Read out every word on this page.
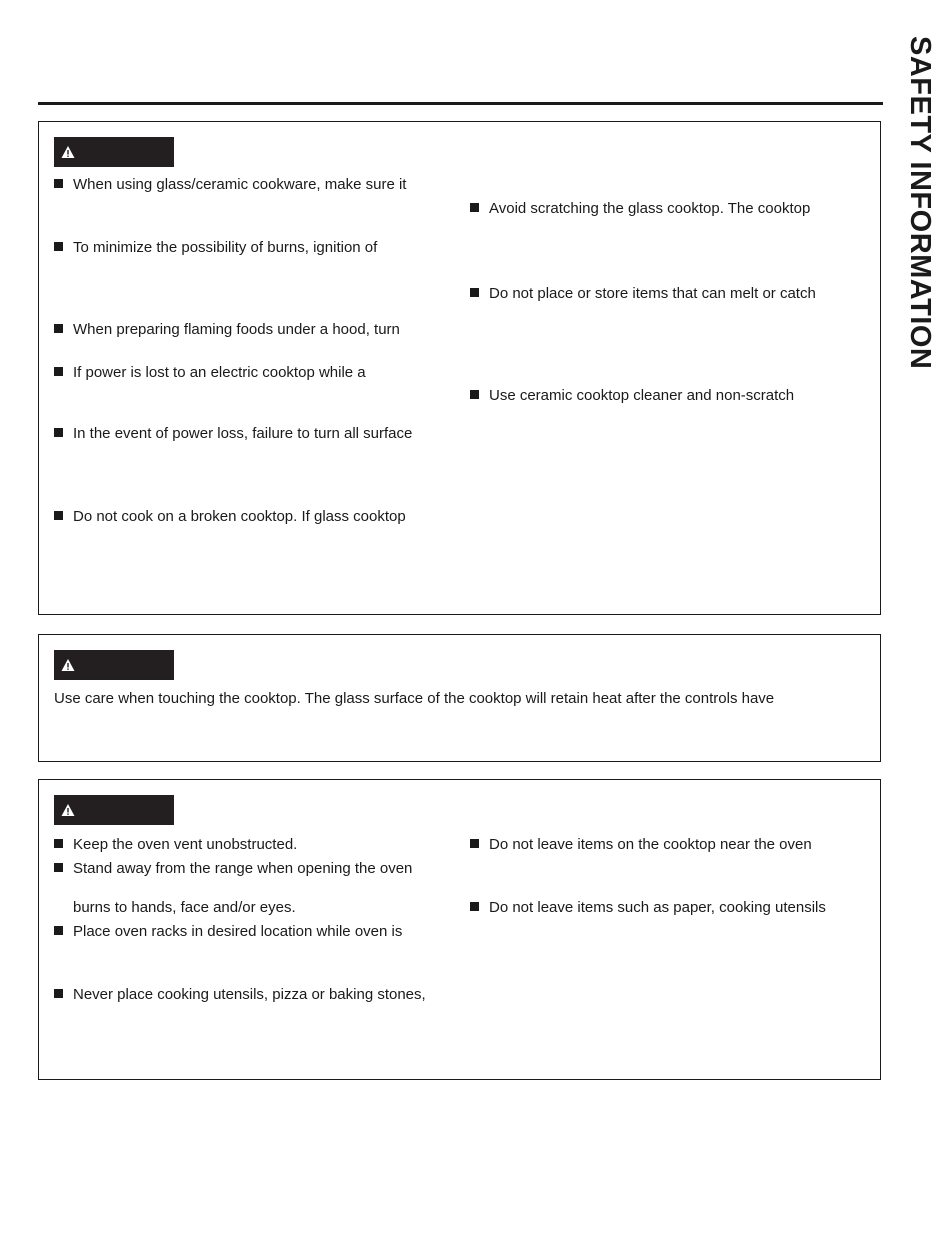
SAFETY INFORMATION
When using glass/ceramic cookware, make sure it
To minimize the possibility of burns, ignition of
When preparing flaming foods under a hood, turn
If power is lost to an electric cooktop while a
In the event of power loss, failure to turn all surface
Do not cook on a broken cooktop. If glass cooktop
Avoid scratching the glass cooktop. The cooktop
Do not place or store items that can melt or catch
Use ceramic cooktop cleaner and non-scratch
Use care when touching the cooktop. The glass surface of the cooktop will retain heat after the controls have
Keep the oven vent unobstructed.
Stand away from the range when opening the oven
burns to hands, face and/or eyes.
Place oven racks in desired location while oven is
Never place cooking utensils, pizza or baking stones,
Do not leave items on the cooktop near the oven
Do not leave items such as paper, cooking utensils
